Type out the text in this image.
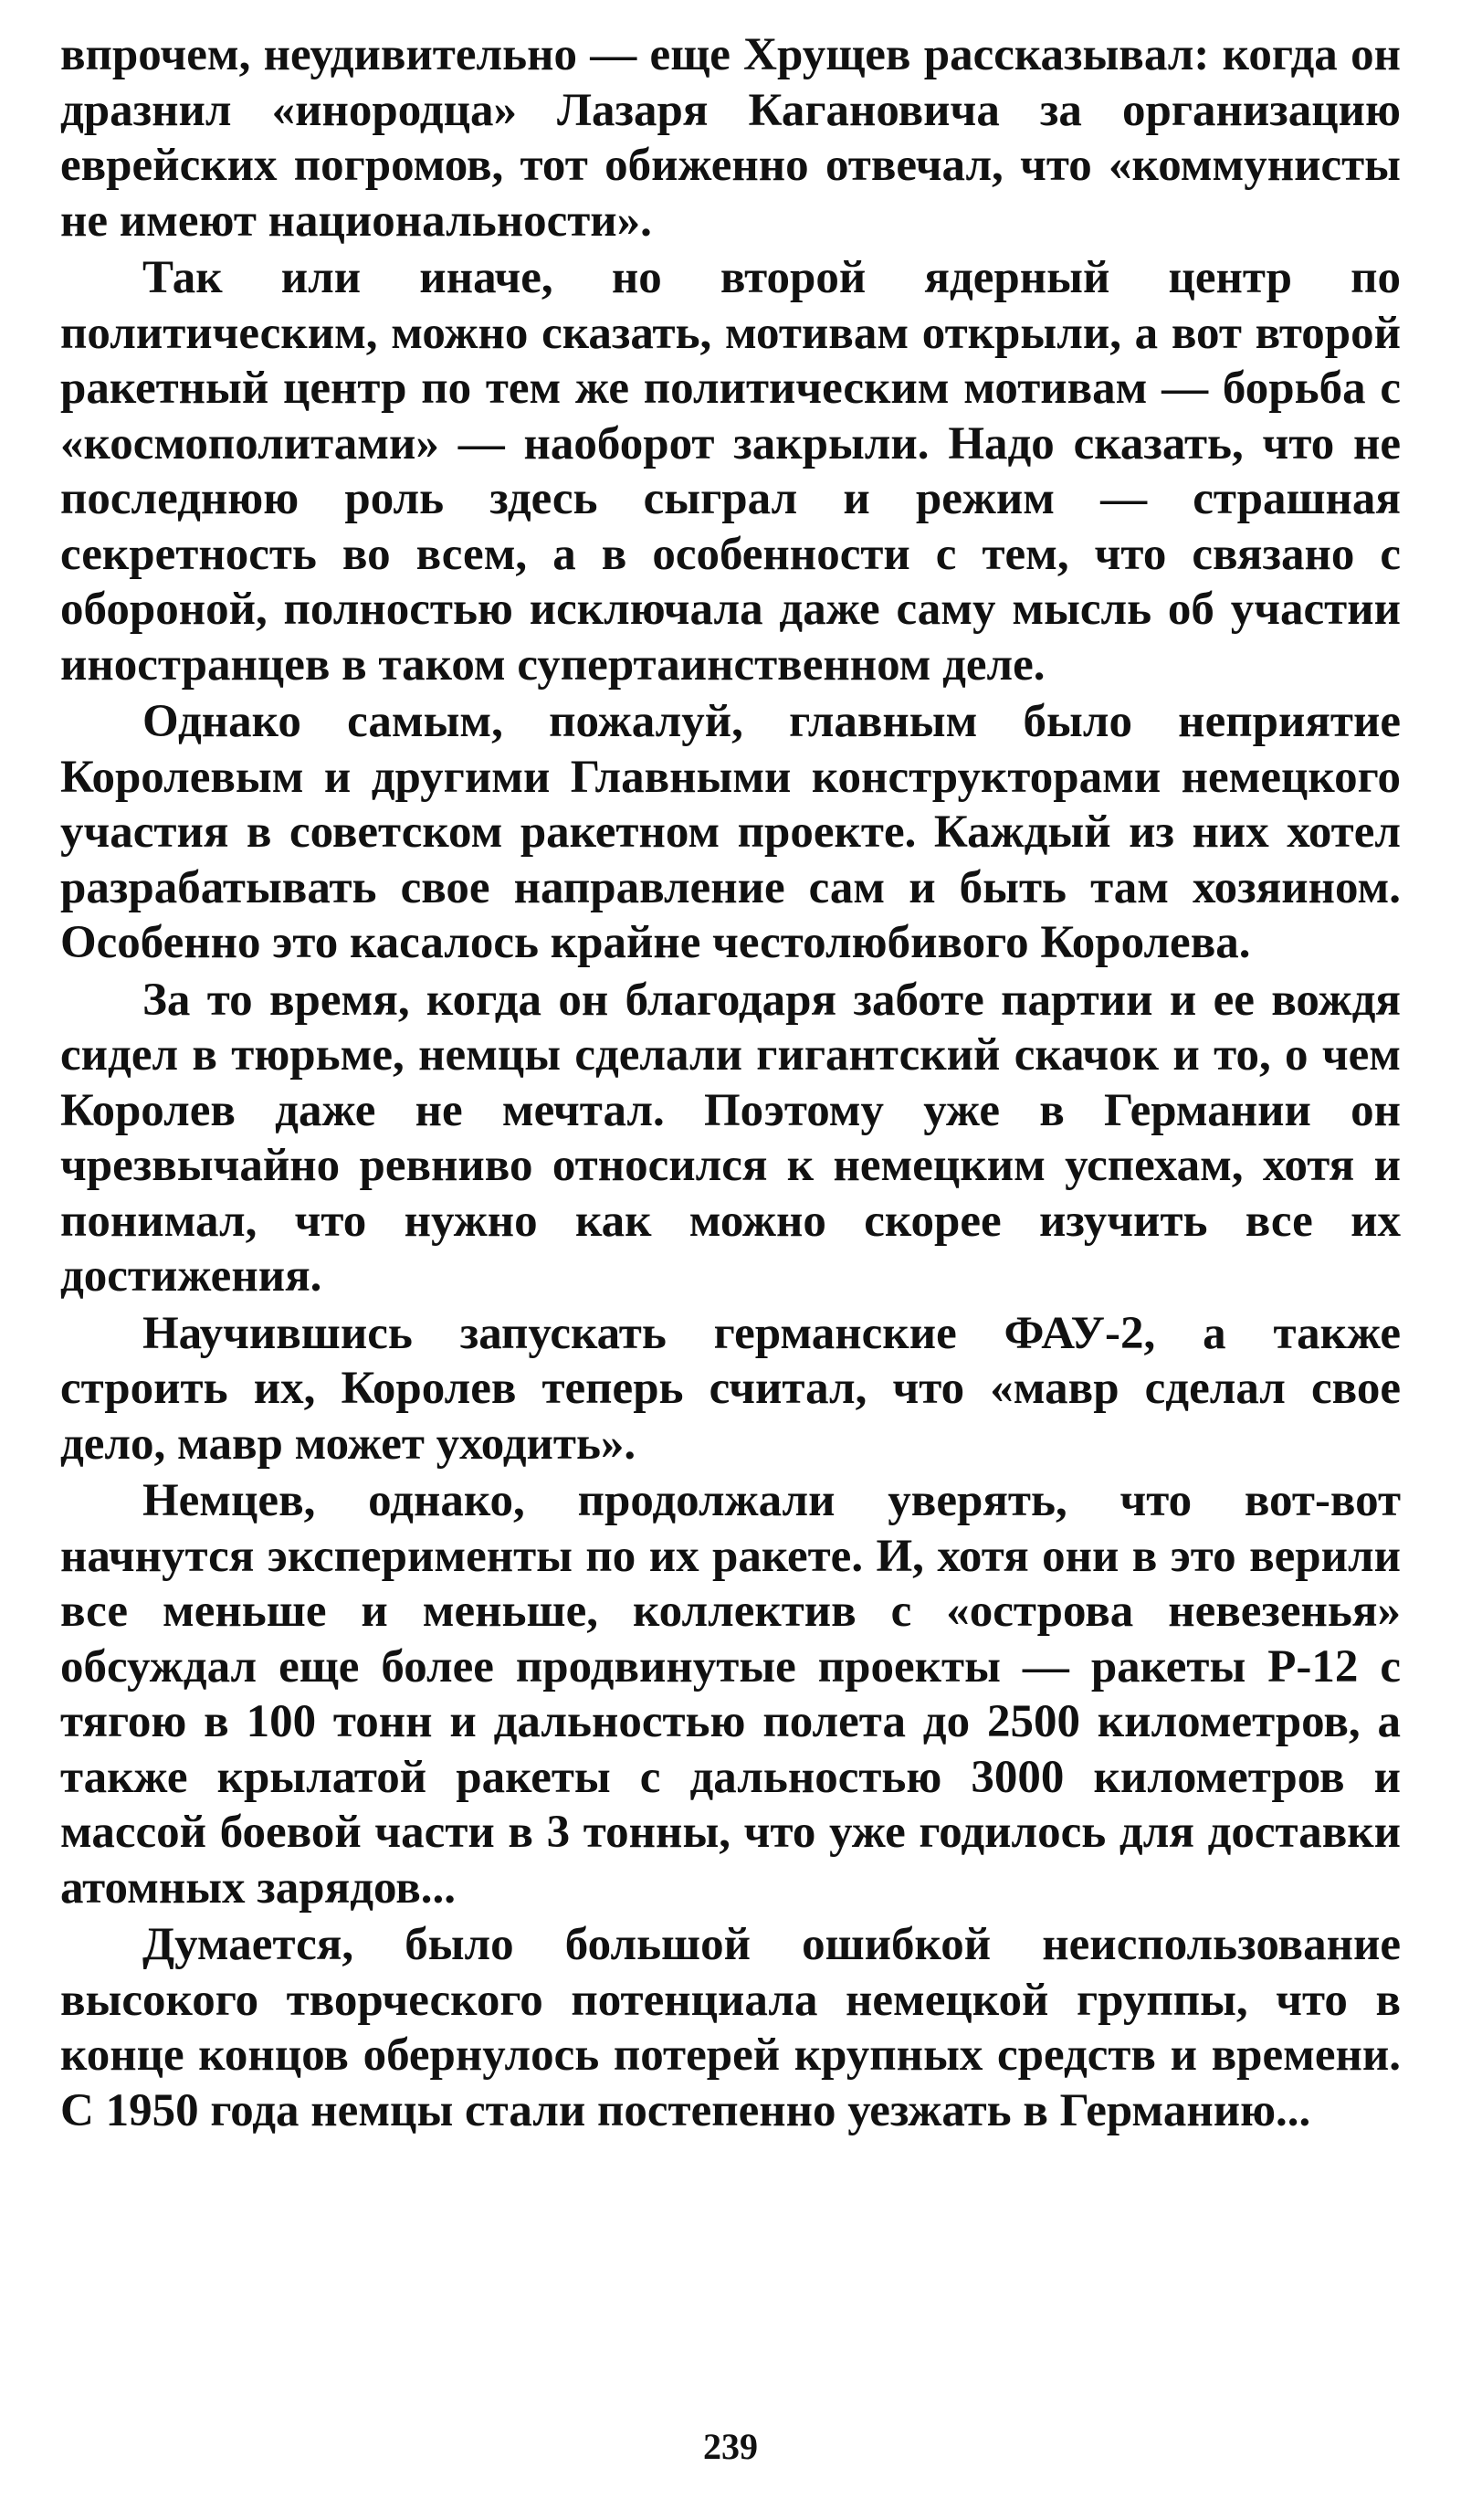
впрочем, неудивительно — еще Хрущев рассказывал: когда он дразнил «инородца» Лазаря Кагановича за организацию еврейских погромов, тот обиженно отвечал, что «коммунисты не имеют национальности».

Так или иначе, но второй ядерный центр по политическим, можно сказать, мотивам открыли, а вот второй ракетный центр по тем же политическим мотивам — борьба с «космополитами» — наоборот закрыли. Надо сказать, что не последнюю роль здесь сыграл и режим — страшная секретность во всем, а в особенности с тем, что связано с обороной, полностью исключала даже саму мысль об участии иностранцев в таком супертаинственном деле.

Однако самым, пожалуй, главным было неприятие Королевым и другими Главными конструкторами немецкого участия в советском ракетном проекте. Каждый из них хотел разрабатывать свое направление сам и быть там хозяином. Особенно это касалось крайне честолюбивого Королева.

За то время, когда он благодаря заботе партии и ее вождя сидел в тюрьме, немцы сделали гигантский скачок и то, о чем Королев даже не мечтал. Поэтому уже в Германии он чрезвычайно ревниво относился к немецким успехам, хотя и понимал, что нужно как можно скорее изучить все их достижения.

Научившись запускать германские ФАУ-2, а также строить их, Королев теперь считал, что «мавр сделал свое дело, мавр может уходить».

Немцев, однако, продолжали уверять, что вот-вот начнутся эксперименты по их ракете. И, хотя они в это верили все меньше и меньше, коллектив с «острова невезенья» обсуждал еще более продвинутые проекты — ракеты Р-12 с тягою в 100 тонн и дальностью полета до 2500 километров, а также крылатой ракеты с дальностью 3000 километров и массой боевой части в 3 тонны, что уже годилось для доставки атомных зарядов...

Думается, было большой ошибкой неиспользование высокого творческого потенциала немецкой группы, что в конце концов обернулось потерей крупных средств и времени. С 1950 года немцы стали постепенно уезжать в Германию...

239
